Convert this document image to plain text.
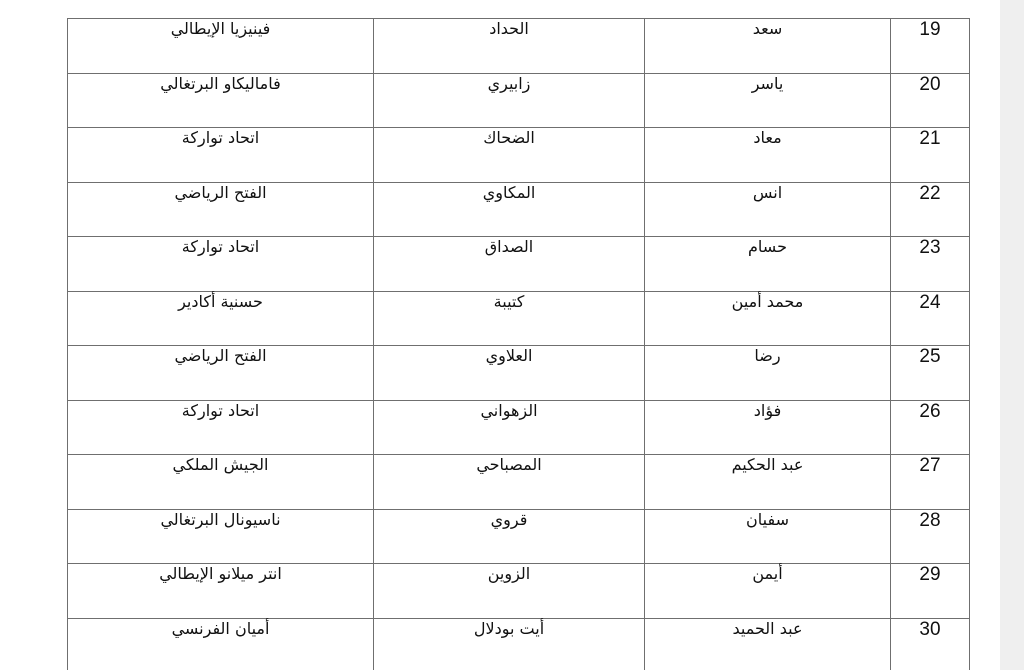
19	سعد	الحداد	فينيزيا الإيطالي
20	ياسر	زابيري	فاماليكاو البرتغالي
21	معاد	الضحاك	اتحاد تواركة
22	انس	المكاوي	الفتح الرياضي
23	حسام	الصداق	اتحاد تواركة
24	محمد أمين	كتيبة	حسنية أكادير
25	رضا	العلاوي	الفتح الرياضي
26	فؤاد	الزهواني	اتحاد تواركة
27	عبد الحكيم	المصباحي	الجيش الملكي
28	سفيان	قروي	ناسيونال البرتغالي
29	أيمن	الزوين	انتر ميلانو الإيطالي
30	عبد الحميد	أيت بودلال	أميان الفرنسي
